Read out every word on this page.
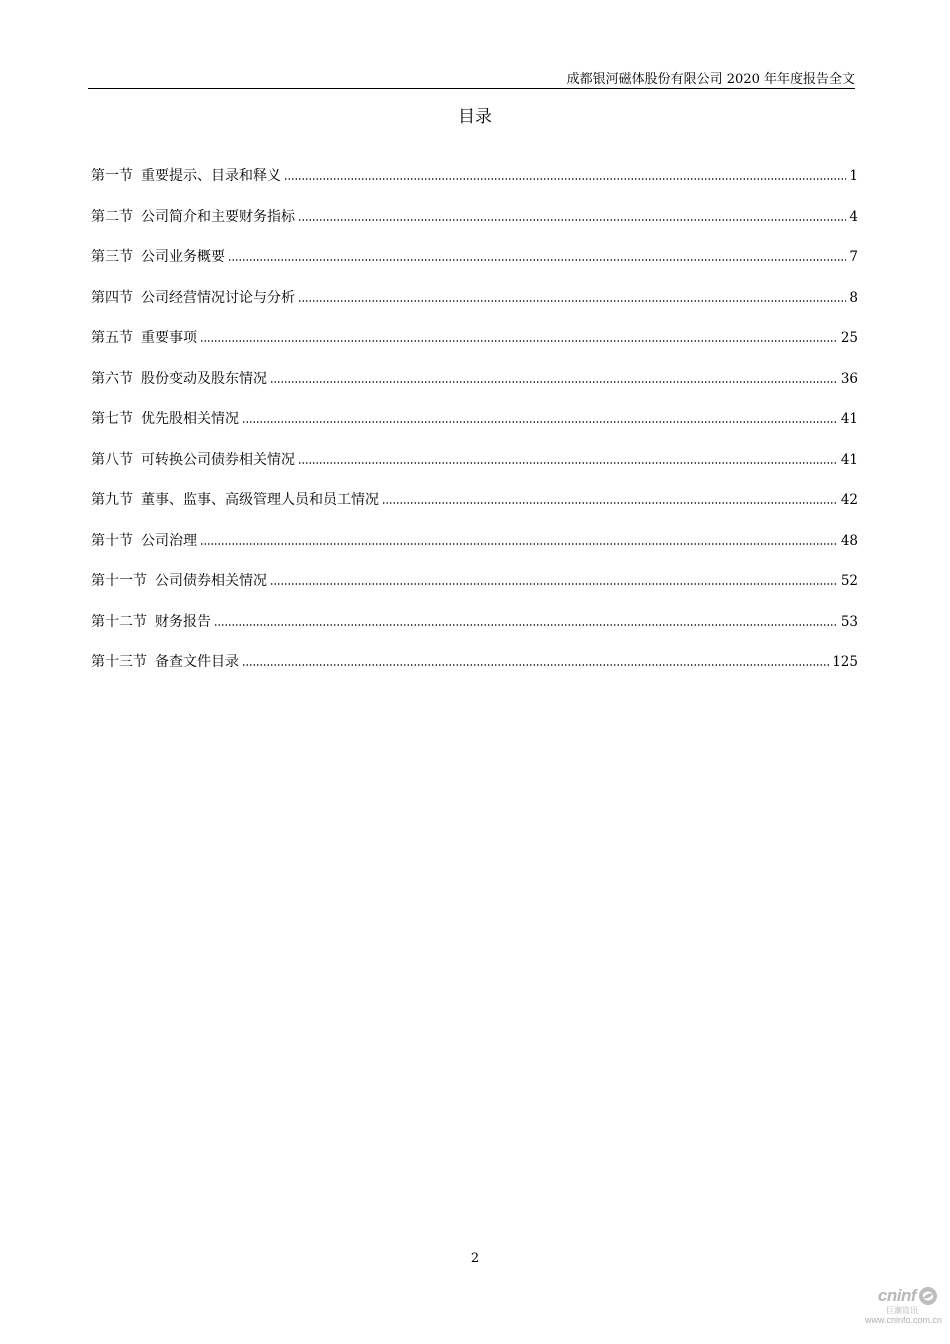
成都银河磁体股份有限公司 2020 年年度报告全文
目录
第一节 重要提示、目录和释义	1
第二节 公司简介和主要财务指标	4
第三节 公司业务概要	7
第四节 公司经营情况讨论与分析	8
第五节 重要事项	25
第六节 股份变动及股东情况	36
第七节 优先股相关情况	41
第八节 可转换公司债券相关情况	41
第九节 董事、监事、高级管理人员和员工情况	42
第十节 公司治理	48
第十一节 公司债券相关情况	52
第十二节 财务报告	53
第十三节 备查文件目录	125
2
cninf
巨潮资讯
www.cninfo.com.cn
